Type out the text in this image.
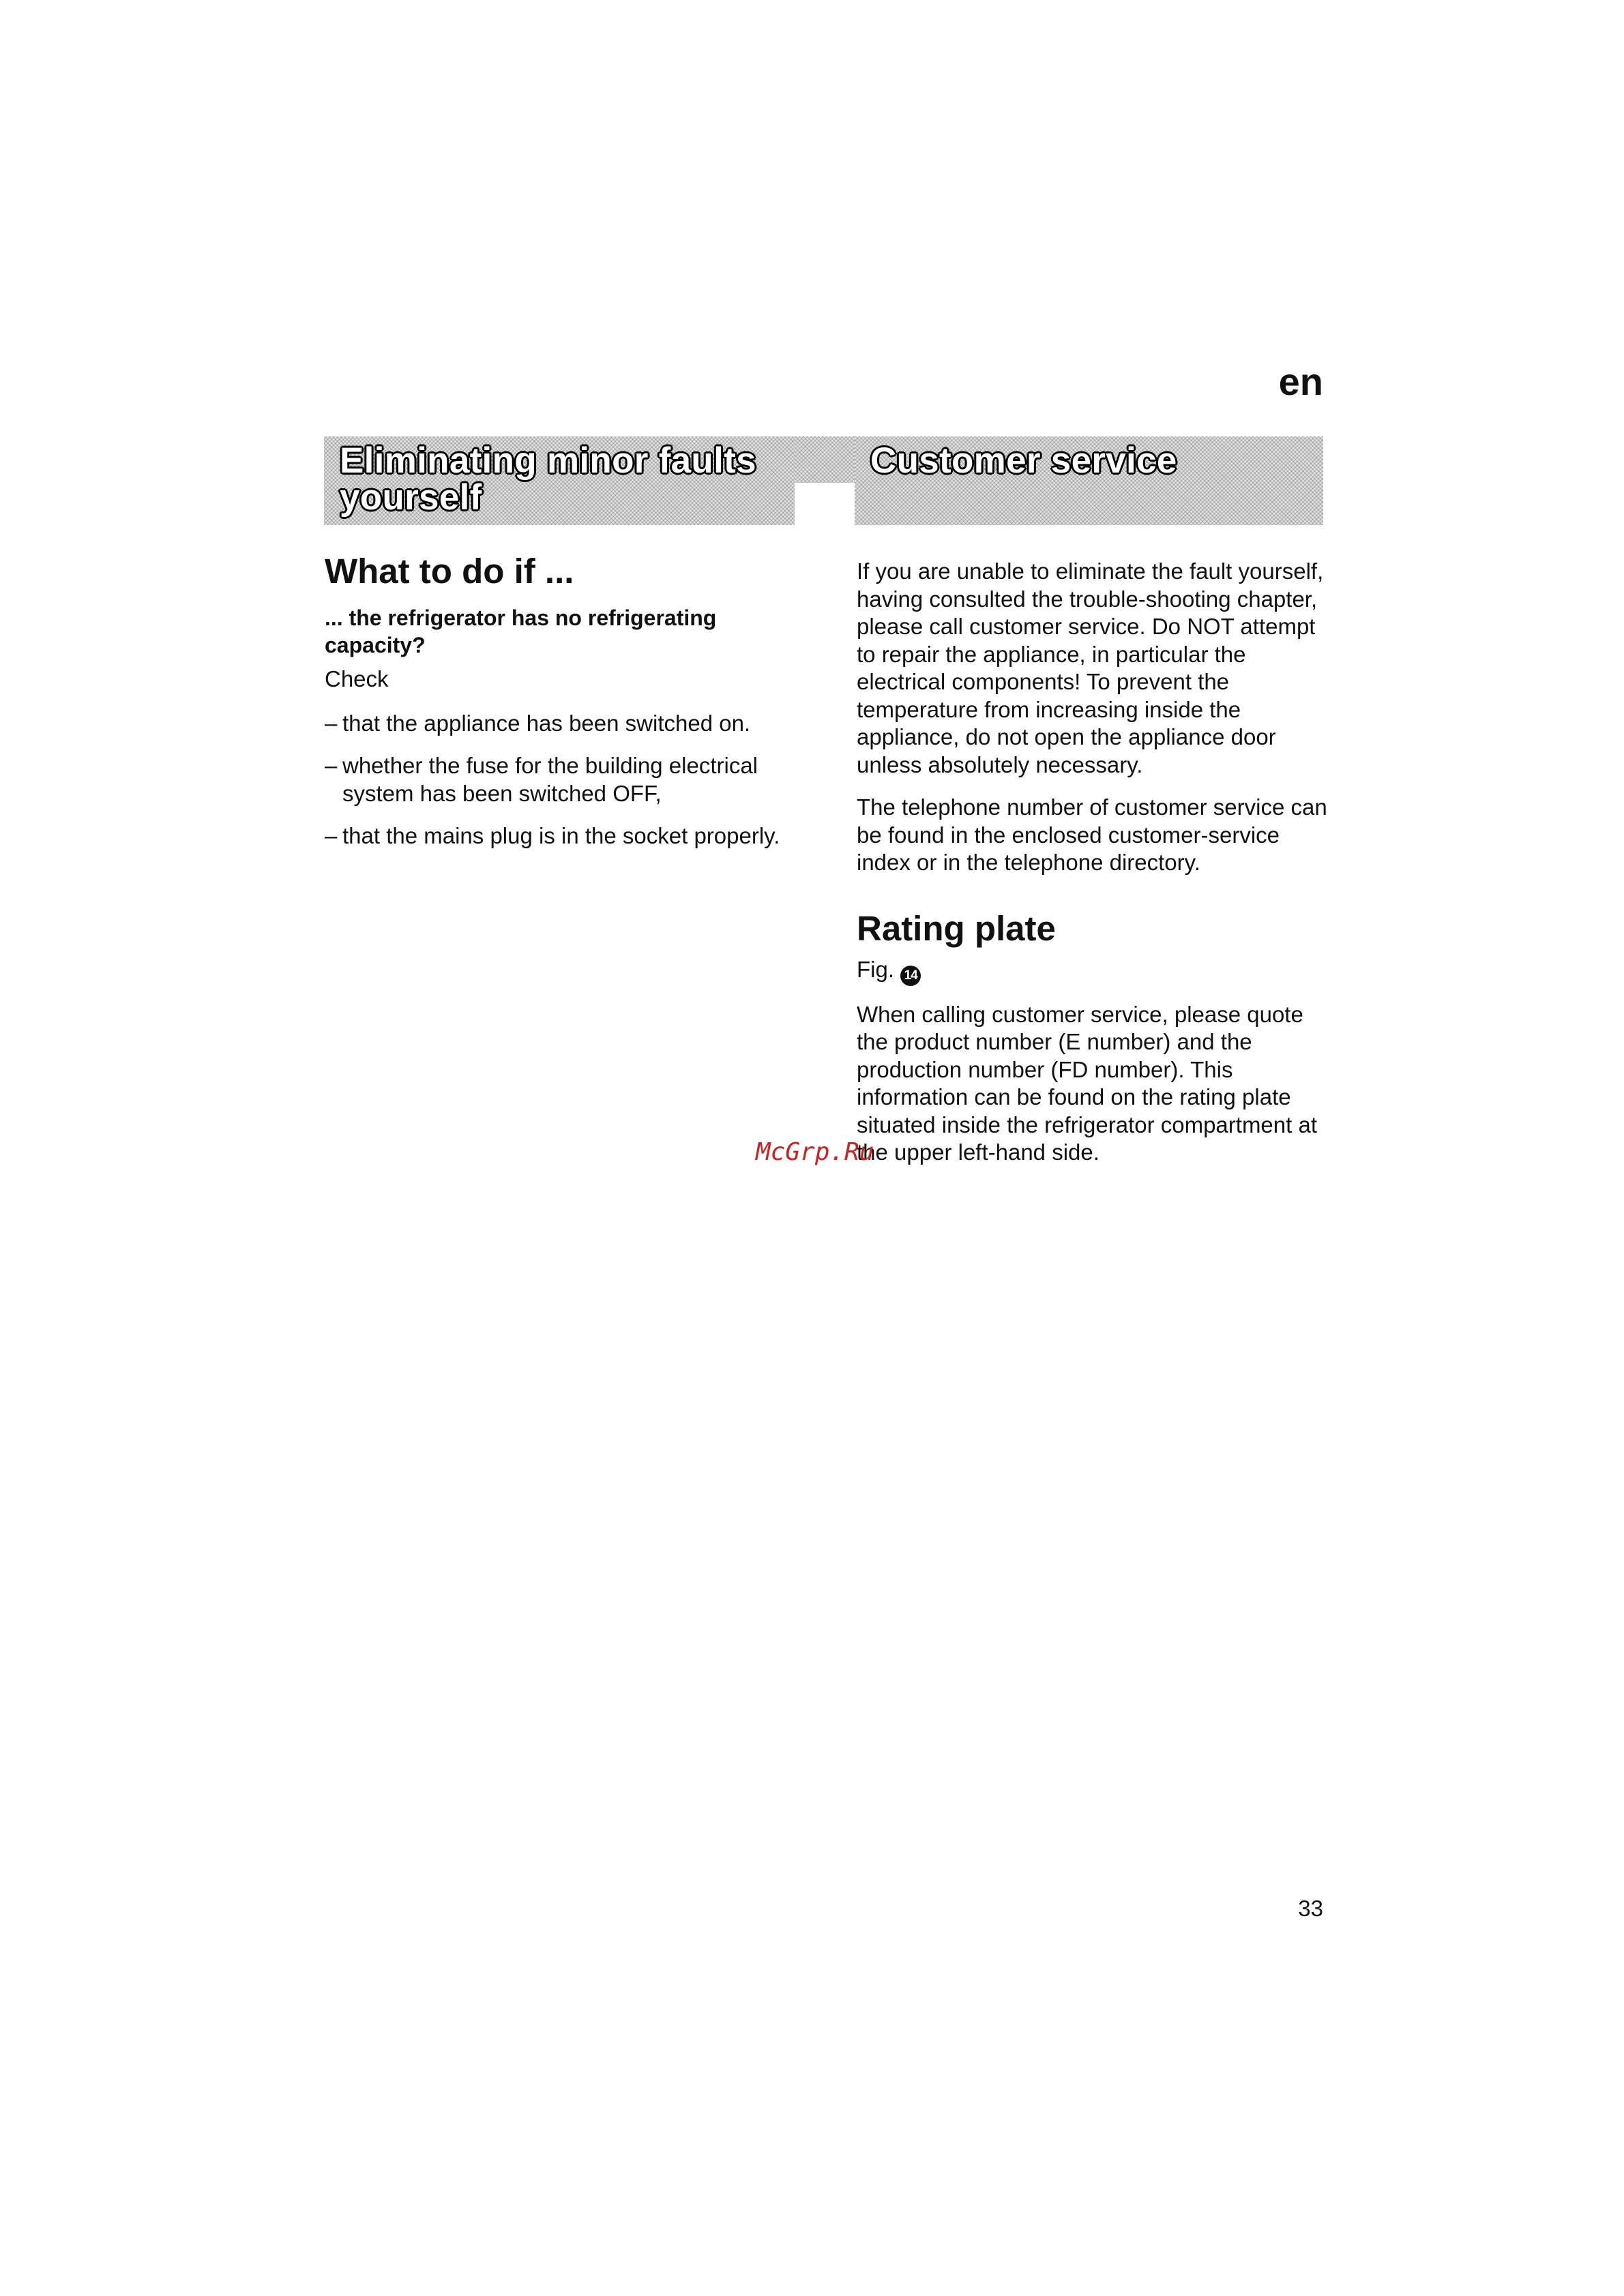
en
Eliminating minor faults yourself
Customer service
What to do if ...
... the refrigerator has no refrigerating capacity?

Check

– that the appliance has been switched on.
– whether the fuse for the building electrical system has been switched OFF,
– that the mains plug is in the socket properly.

If you are unable to eliminate the fault yourself, having consulted the trouble-shooting chapter, please call customer service. Do NOT attempt to repair the appliance, in particular the electrical components! To prevent the temperature from increasing inside the appliance, do not open the appliance door unless absolutely necessary.

The telephone number of customer service can be found in the enclosed customer-service index or in the telephone directory.

Rating plate

Fig. 14

When calling customer service, please quote the product number (E number) and the production number (FD number). This information can be found on the rating plate situated inside the refrigerator compartment at the upper left-hand side.

McGrp.Ru
33
